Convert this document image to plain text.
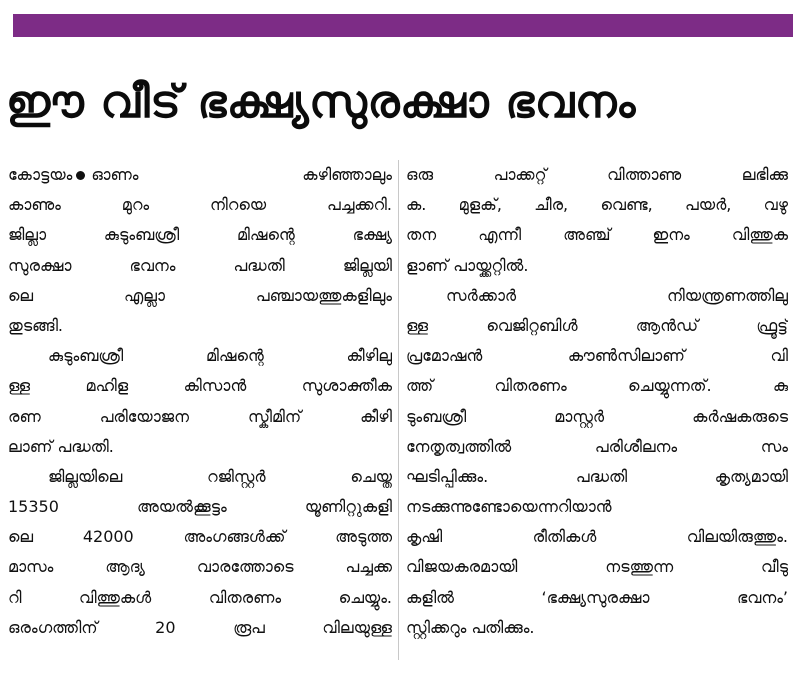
ഈ വീട് ഭക്ഷ്യസുരക്ഷാ ഭവനം
കോട്ടയം ഓണം കഴിഞ്ഞാലും
കാണും മുറം നിറയെ പച്ചക്കറി.
ജില്ലാ കുടുംബശ്രീ മിഷന്റെ ഭക്ഷ്യ
സുരക്ഷാ ഭവനം പദ്ധതി ജില്ലയി
ലെ എല്ലാ പഞ്ചായത്തുകളിലും
തുടങ്ങി.
കുടുംബശ്രീ മിഷന്റെ കീഴിലു
ള്ള മഹിള കിസാൻ സുശാക്തീക
രണ പരിയോജന സ്കീമിന് കീഴി
ലാണ് പദ്ധതി.
ജില്ലയിലെ റജിസ്റ്റർ ചെയ്ത
15350 അയൽക്കൂട്ടം യൂണിറ്റുകളി
ലെ 42000 അംഗങ്ങൾക്ക് അടുത്ത
മാസം ആദ്യ വാരത്തോടെ പച്ചക്ക
റി വിത്തുകൾ വിതരണം ചെയ്യും.
ഒരംഗത്തിന് 20 രൂപ വിലയുള്ള
ഒരു പാക്കറ്റ് വിത്താണു ലഭിക്കു
ക. മുളക്, ചീര, വെണ്ട, പയർ, വഴു
തന എന്നീ അഞ്ച് ഇനം വിത്തുക
ളാണ് പായ്ക്കറ്റിൽ.
സർക്കാർ നിയന്ത്രണത്തിലു
ള്ള വെജിറ്റബിൾ ആൻഡ് ഫ്രൂട്ട്
പ്രമോഷൻ കൗൺസിലാണ് വി
ത്ത് വിതരണം ചെയ്യുന്നത്. കു
ടുംബശ്രീ മാസ്റ്റർ കർഷകരുടെ
നേതൃത്വത്തിൽ പരിശീലനം സം
ഘടിപ്പിക്കും. പദ്ധതി കൃത്യമായി
നടക്കുന്നുണ്ടോയെന്നറിയാൻ
കൃഷി രീതികൾ വിലയിരുത്തും.
വിജയകരമായി നടത്തുന്ന വീടു
കളിൽ ‘ഭക്ഷ്യസുരക്ഷാ ഭവനം’
സ്റ്റിക്കറും പതിക്കും.
